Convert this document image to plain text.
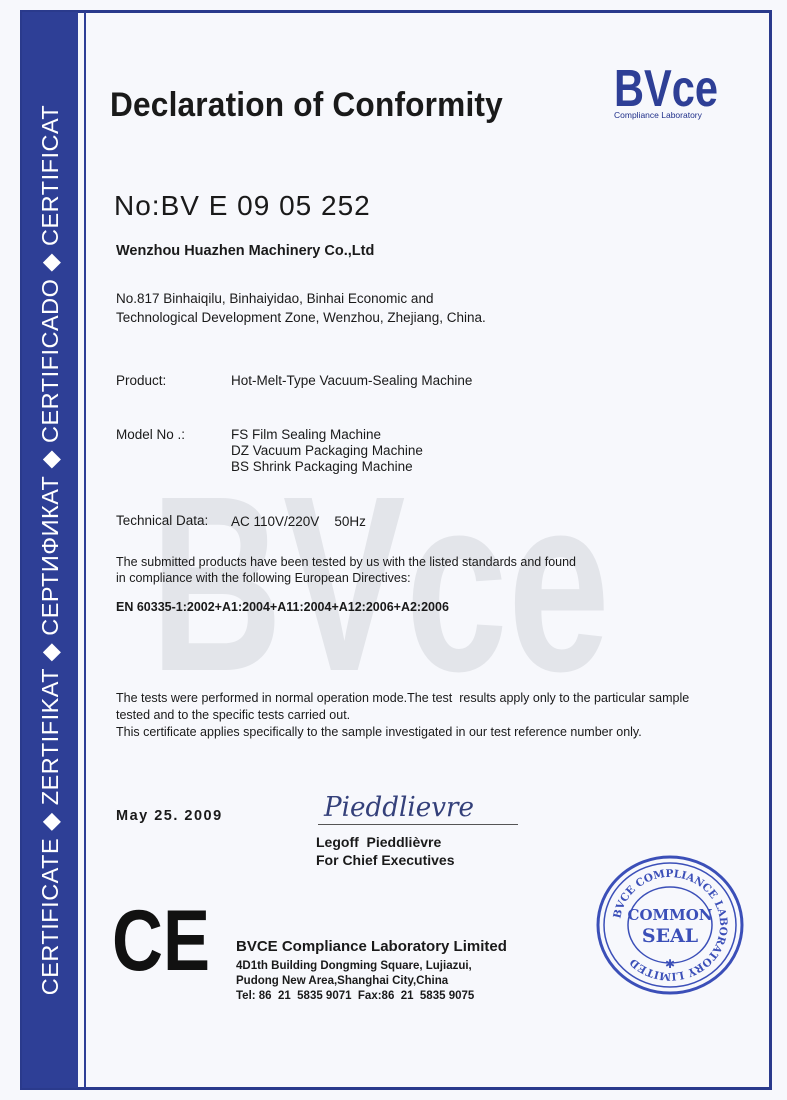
CERTIFICATE ◆ ZERTIFIKAT ◆ СЕРТИФИКАТ ◆ CERTIFICADO ◆ CERTIFICAT BVce
Declaration of Conformity BVce
Compliance Laboratory
No:BV E 09 05 252
Wenzhou Huazhen Machinery Co.,Ltd
No.817 Binhaiqilu, Binhaiyidao, Binhai Economic and
Technological Development Zone, Wenzhou, Zhejiang, China.
Product:	Hot-Melt-Type Vacuum-Sealing Machine
Model No .:	FS Film Sealing Machine
DZ Vacuum Packaging Machine
BS Shrink Packaging Machine
Technical Data: AC 110V/220V    50Hz
The submitted products have been tested by us with the listed standards and found
in compliance with the following European Directives:
EN 60335-1:2002+A1:2004+A11:2004+A12:2006+A2:2006
The tests were performed in normal operation mode.The test  results apply only to the particular sample
tested and to the specific tests carried out.
This certificate applies specifically to the sample investigated in our test reference number only.
May 25. 2009	Pieddlievre
Legoff  Pieddlièvre
For Chief Executives
CE BVCE Compliance Laboratory Limited
4D1th Building Dongming Square, Lujiazui,
Pudong New Area,Shanghai City,China
Tel: 86  21  5835 9071  Fax:86  21  5835 9075
BVCE COMPLIANCE LABORATORY LIMITED
COMMON
SEAL
✱
